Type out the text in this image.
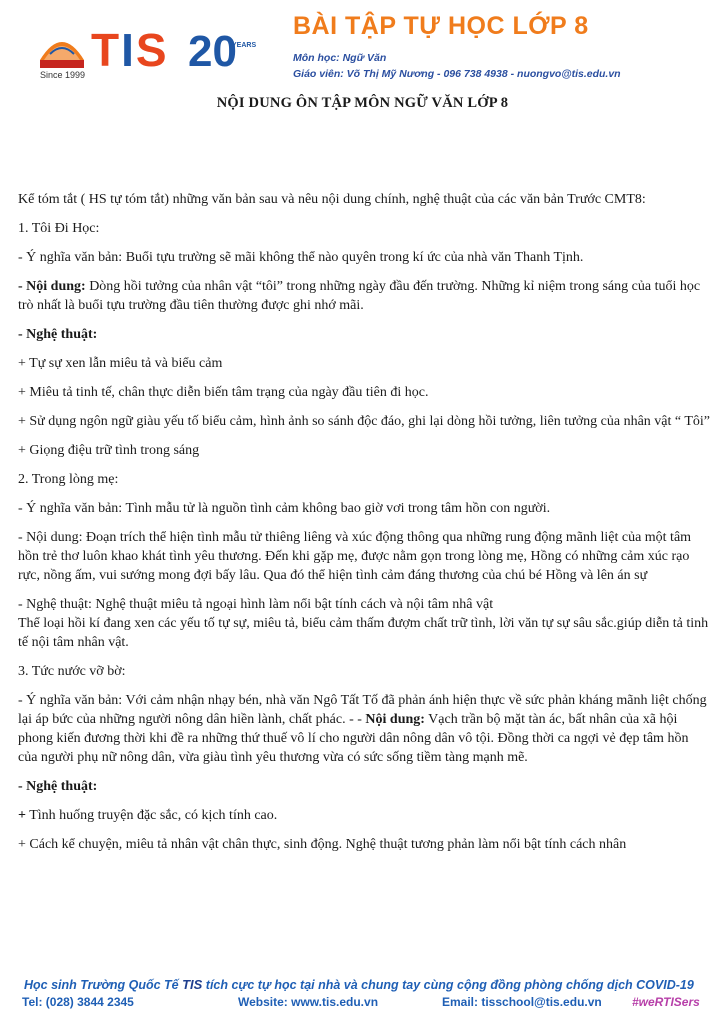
TIS 20
YEARS
Since 1999
BÀI TẬP TỰ HỌC LỚP 8
Môn học: Ngữ Văn
Giáo viên: Võ Thị Mỹ Nương - 096 738 4938 - nuongvo@tis.edu.vn
NỘI DUNG ÔN TẬP MÔN NGỮ VĂN LỚP 8

Kể tóm tắt ( HS tự tóm tắt) những văn bản sau và nêu nội dung chính, nghệ thuật của các văn bản Trước CMT8:

1. Tôi Đi Học:

- Ý nghĩa văn bản: Buổi tựu trường sẽ mãi không thể nào quyên trong kí ức của nhà văn Thanh Tịnh.

- Nội dung: Dòng hồi tưởng của nhân vật “tôi” trong những ngày đầu đến trường. Những kỉ niệm trong sáng của tuổi học trò nhất là buổi tựu trường đầu tiên thường được ghi nhớ mãi.

- Nghệ thuật:

+ Tự sự xen lẫn miêu tả và biểu cảm

+ Miêu tả tinh tế, chân thực diễn biến tâm trạng của ngày đầu tiên đi học.

+ Sử dụng ngôn ngữ giàu yếu tố biểu cảm, hình ảnh so sánh độc đáo, ghi lại dòng hồi tưởng, liên tưởng của nhân vật “ Tôi”

+ Giọng điệu trữ tình trong sáng

2. Trong lòng mẹ:

- Ý nghĩa văn bản: Tình mẫu tử là nguồn tình cảm không bao giờ vơi trong tâm hồn con người.

- Nội dung: Đoạn trích thể hiện tình mẫu tử thiêng liêng và xúc động thông qua những rung động mãnh liệt của một tâm hồn trẻ thơ luôn khao khát tình yêu thương. Đến khi gặp mẹ, được nằm gọn trong lòng mẹ, Hồng có những cảm xúc rạo rực, nồng ấm, vui sướng mong đợi bấy lâu. Qua đó thể hiện tình cảm đáng thương của chú bé Hồng và lên án sự

- Nghệ thuật: Nghệ thuật miêu tả ngoại hình làm nổi bật tính cách và nội tâm nhâ vật
Thể loại hồi kí đang xen các yếu tố tự sự, miêu tả, biểu cảm thấm đượm chất trữ tình, lời văn tự sự sâu sắc.giúp diễn tả tinh tế nội tâm nhân vật.

3. Tức nước vỡ bờ:

- Ý nghĩa văn bản: Với cảm nhận nhạy bén, nhà văn Ngô Tất Tố đã phản ánh hiện thực về sức phản kháng mãnh liệt chống lại áp bức của những người nông dân hiền lành, chất phác. - - Nội dung: Vạch trần bộ mặt tàn ác, bất nhân của xã hội phong kiến đương thời khi đề ra những thứ thuế vô lí cho người dân nông dân vô tội. Đồng thời ca ngợi vẻ đẹp tâm hồn của người phụ nữ nông dân, vừa giàu tình yêu thương vừa có sức sống tiềm tàng mạnh mẽ.

- Nghệ thuật:

+ Tình huống truyện đặc sắc, có kịch tính cao.

+ Cách kể chuyện, miêu tả nhân vật chân thực, sinh động. Nghệ thuật tương phản làm nổi bật tính cách nhân

Học sinh Trường Quốc Tế TIS tích cực tự học tại nhà và chung tay cùng cộng đồng phòng chống dịch COVID-19
Tel: (028) 3844 2345	Website: www.tis.edu.vn	Email: tisschool@tis.edu.vn	#weRTISers
